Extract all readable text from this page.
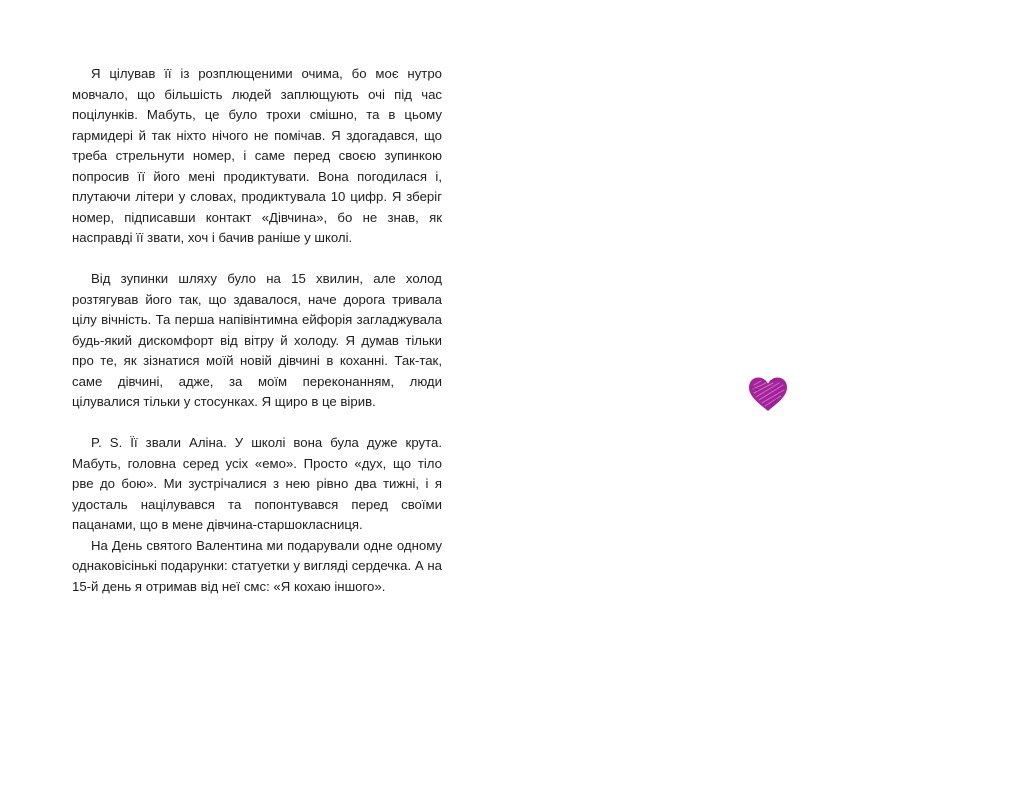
Я цілував її із розплющеними очима, бо моє нутро мовчало, що більшість людей заплющують очі під час поцілунків. Мабуть, це було трохи смішно, та в цьому гармидері й так ніхто нічого не помічав. Я здогадався, що треба стрельнути номер, і саме перед своєю зупинкою попросив її його мені продиктувати. Вона погодилася і, плутаючи літери у словах, продиктувала 10 цифр. Я зберіг номер, підписавши контакт «Дівчина», бо не знав, як насправді її звати, хоч і бачив раніше у школі.

Від зупинки шляху було на 15 хвилин, але холод розтягував його так, що здавалося, наче дорога тривала цілу вічність. Та перша напівінтимна ейфорія загладжувала будь-який дискомфорт від вітру й холоду. Я думав тільки про те, як зізнатися моїй новій дівчині в коханні. Так-так, саме дівчині, адже, за моїм переконанням, люди цілувалися тільки у стосунках. Я щиро в це вірив.

P. S. Її звали Аліна. У школі вона була дуже крута. Мабуть, головна серед усіх «емо». Просто «дух, що тіло рве до бою». Ми зустрічалися з нею рівно два тижні, і я удосталь націлувався та попонтувався перед своїми пацанами, що в мене дівчина-старшокласниця.

На День святого Валентина ми подарували одне одному однаковісінькі подарунки: статуетки у вигляді сердечка. А на 15-й день я отримав від неї смс: «Я кохаю іншого».
